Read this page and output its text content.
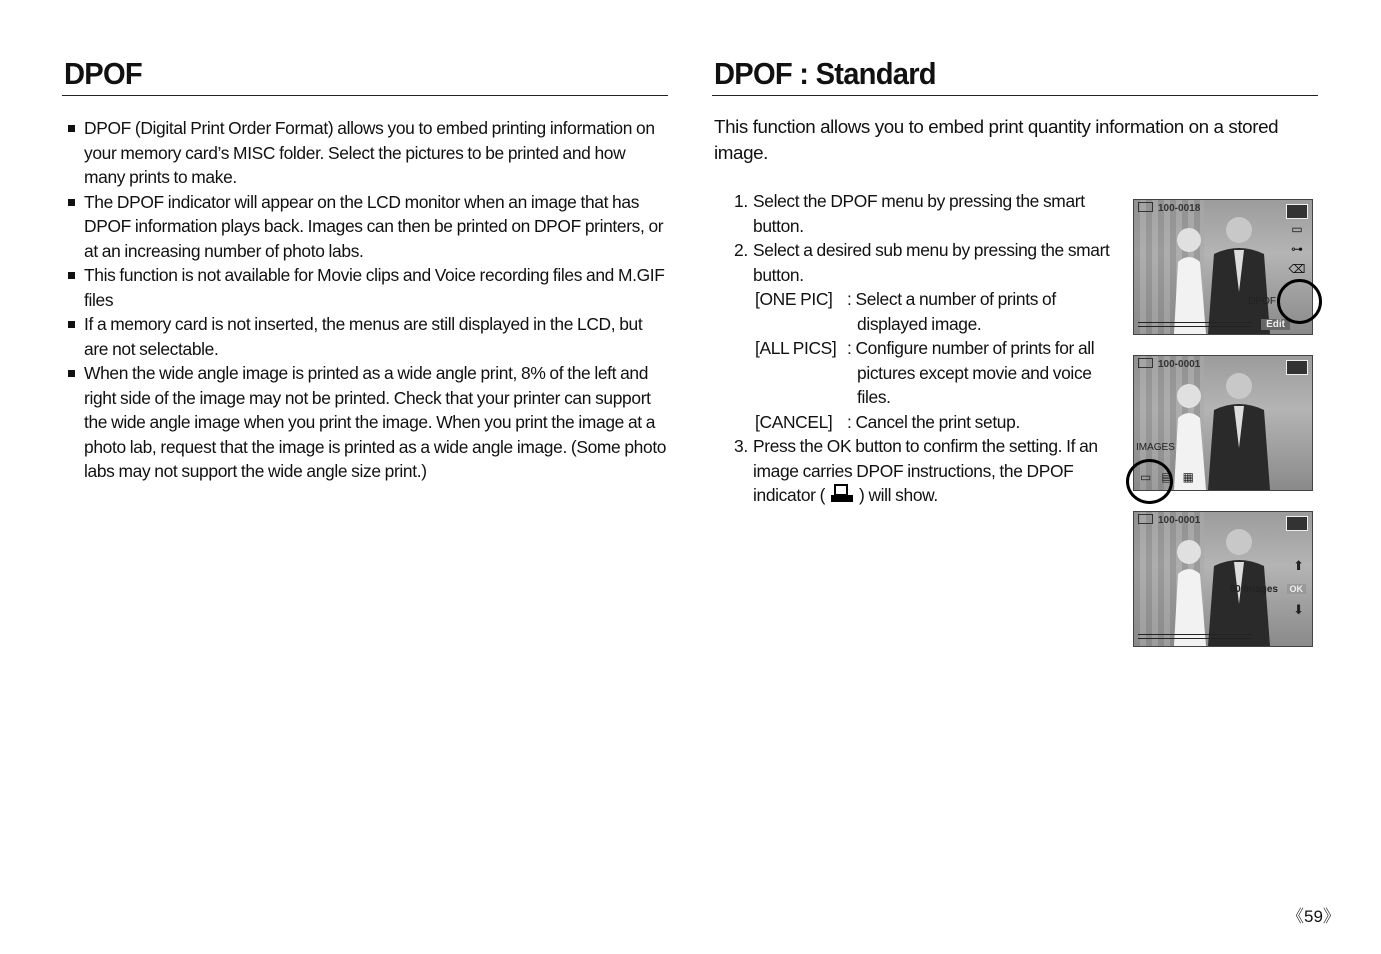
DPOF
DPOF (Digital Print Order Format) allows you to embed printing information on your memory card’s MISC folder. Select the pictures to be printed and how many prints to make.
The DPOF indicator will appear on the LCD monitor when an image that has DPOF information plays back. Images can then be printed on DPOF printers, or at an increasing number of photo labs.
This function is not available for Movie clips and Voice recording files and M.GIF files
If a memory card is not inserted, the menus are still displayed in the LCD, but are not selectable.
When the wide angle image is printed as a wide angle print, 8% of the left and right side of the image may not be printed. Check that your printer can support the wide angle image when you print the image. When you print the image at a photo lab, request that the image is printed as a wide angle image. (Some photo labs may not support the wide angle size print.)
DPOF : Standard
This function allows you to embed print quantity information on a stored image.
1. Select the DPOF menu by pressing the smart button.
2. Select a desired sub menu by pressing the smart button.
[ONE PIC] : Select a number of prints of displayed image.
[ALL PICS] : Configure number of prints for all pictures except movie and voice files.
[CANCEL] : Cancel the print setup.
3. Press the OK button to confirm the setting. If an image carries DPOF instructions, the DPOF indicator ( ) will show.
100-0018
▭
⊶
⌫
DPOF
Edit
100-0001
IMAGES
▭   ▤   ▦
100-0001
⬆
00 Images	OK
⬇
《59》
